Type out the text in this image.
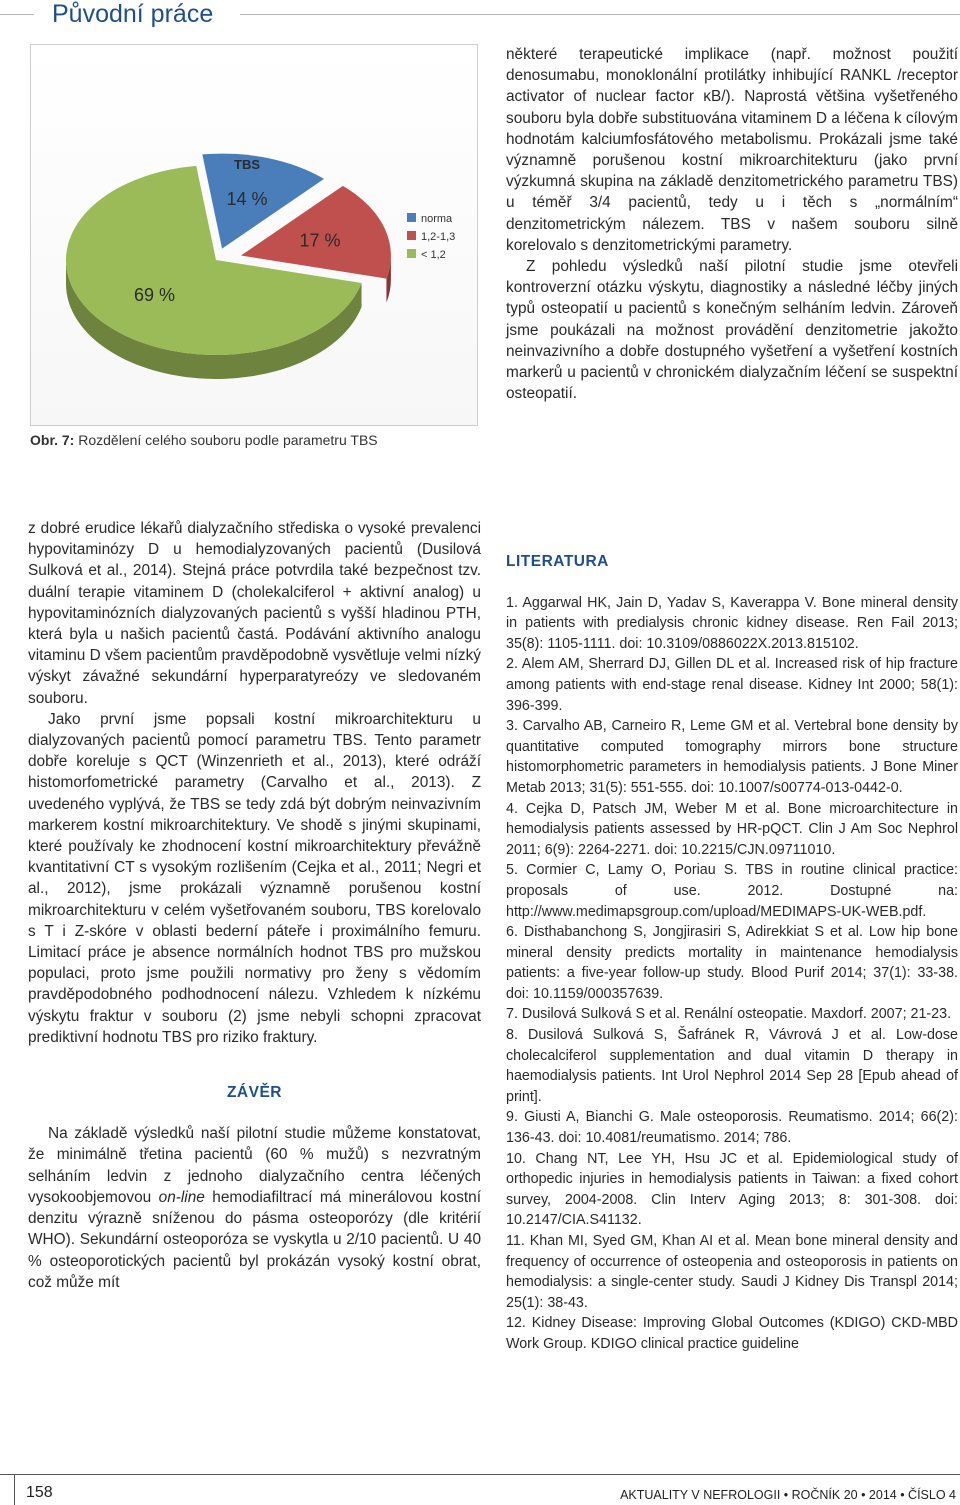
Původní práce
14 %
TBS
17 %
69 %
norma
1,2-1,3
< 1,2
Obr. 7: Rozdělení celého souboru podle parametru TBS

některé terapeutické implikace (např. možnost použití denosumabu, monoklonální protilátky inhibující RANKL /receptor activator of nuclear factor κB/). Naprostá většina vyšetřeného souboru byla dobře substituována vitaminem D a léčena k cílovým hodnotám kalciumfosfátového metabolismu. Prokázali jsme také významně porušenou kostní mikroarchitekturu (jako první výzkumná skupina na základě denzitometrického parametru TBS) u téměř 3/4 pacientů, tedy u i těch s „normálním“ denzitometrickým nálezem. TBS v našem souboru silně korelovalo s denzitometrickými parametry.

Z pohledu výsledků naší pilotní studie jsme otevřeli kontroverzní otázku výskytu, diagnostiky a následné léčby jiných typů osteopatií u pacientů s konečným selháním ledvin. Zároveň jsme poukázali na možnost provádění denzitometrie jakožto neinvazivního a dobře dostupného vyšetření a vyšetření kostních markerů u pacientů v chronickém dialyzačním léčení se suspektní osteopatií.

z dobré erudice lékařů dialyzačního střediska o vysoké prevalenci hypovitaminózy D u hemodialyzovaných pacientů (Dusilová Sulková et al., 2014). Stejná práce potvrdila také bezpečnost tzv. duální terapie vitaminem D (cholekalciferol + aktivní analog) u hypovitaminózních dialyzovaných pacientů s vyšší hladinou PTH, která byla u našich pacientů častá. Podávání aktivního analogu vitaminu D všem pacientům pravděpodobně vysvětluje velmi nízký výskyt závažné sekundární hyperparatyreózy ve sledovaném souboru.

Jako první jsme popsali kostní mikroarchitekturu u dialyzovaných pacientů pomocí parametru TBS. Tento parametr dobře koreluje s QCT (Winzenrieth et al., 2013), které odráží histomorfometrické parametry (Carvalho et al., 2013). Z uvedeného vyplývá, že TBS se tedy zdá být dobrým neinvazivním markerem kostní mikroarchitektury. Ve shodě s jinými skupinami, které používaly ke zhodnocení kostní mikroarchitektury převážně kvantitativní CT s vysokým rozlišením (Cejka et al., 2011; Negri et al., 2012), jsme prokázali významně porušenou kostní mikroarchitekturu v celém vyšetřovaném souboru, TBS korelovalo s T i Z-skóre v oblasti bederní páteře i proximálního femuru. Limitací práce je absence normálních hodnot TBS pro mužskou populaci, proto jsme použili normativy pro ženy s vědomím pravděpodobného podhodnocení nálezu. Vzhledem k nízkému výskytu fraktur v souboru (2) jsme nebyli schopni zpracovat prediktivní hodnotu TBS pro riziko fraktury.

ZÁVĚR

Na základě výsledků naší pilotní studie můžeme konstatovat, že minimálně třetina pacientů (60 % mužů) s nezvratným selháním ledvin z jednoho dialyzačního centra léčených vysokoobjemovou on-line hemodiafiltrací má minerálovou kostní denzitu výrazně sníženou do pásma osteoporózy (dle kritérií WHO). Sekundární osteoporóza se vyskytla u 2/10 pacientů. U 40 % osteoporotických pacientů byl prokázán vysoký kostní obrat, což může mít

LITERATURA

1. Aggarwal HK, Jain D, Yadav S, Kaverappa V. Bone mineral density in patients with predialysis chronic kidney disease. Ren Fail 2013; 35(8): 1105-1111. doi: 10.3109/0886022X.2013.815102.

2. Alem AM, Sherrard DJ, Gillen DL et al. Increased risk of hip fracture among patients with end-stage renal disease. Kidney Int 2000; 58(1): 396-399.

3. Carvalho AB, Carneiro R, Leme GM et al. Vertebral bone density by quantitative computed tomography mirrors bone structure histomorphometric parameters in hemodialysis patients. J Bone Miner Metab 2013; 31(5): 551-555. doi: 10.1007/s00774-013-0442-0.

4. Cejka D, Patsch JM, Weber M et al. Bone microarchitecture in hemodialysis patients assessed by HR-pQCT. Clin J Am Soc Nephrol 2011; 6(9): 2264-2271. doi: 10.2215/CJN.09711010.

5. Cormier C, Lamy O, Poriau S. TBS in routine clinical practice: proposals of use. 2012. Dostupné na: http://www.medimapsgroup.com/upload/MEDIMAPS-UK-WEB.pdf.

6. Disthabanchong S, Jongjirasiri S, Adirekkiat S et al. Low hip bone mineral density predicts mortality in maintenance hemodialysis patients: a five-year follow-up study. Blood Purif 2014; 37(1): 33-38. doi: 10.1159/000357639.

7. Dusilová Sulková S et al. Renální osteopatie. Maxdorf. 2007; 21-23.

8. Dusilová Sulková S, Šafránek R, Vávrová J et al. Low-dose cholecalciferol supplementation and dual vitamin D therapy in haemodialysis patients. Int Urol Nephrol 2014 Sep 28 [Epub ahead of print].

9. Giusti A, Bianchi G. Male osteoporosis. Reumatismo. 2014; 66(2): 136-43. doi: 10.4081/reumatismo. 2014; 786.

10. Chang NT, Lee YH, Hsu JC et al. Epidemiological study of orthopedic injuries in hemodialysis patients in Taiwan: a fixed cohort survey, 2004-2008. Clin Interv Aging 2013; 8: 301-308. doi: 10.2147/CIA.S41132.

11. Khan MI, Syed GM, Khan AI et al. Mean bone mineral density and frequency of occurrence of osteopenia and osteoporosis in patients on hemodialysis: a single-center study. Saudi J Kidney Dis Transpl 2014; 25(1): 38-43.

12. Kidney Disease: Improving Global Outcomes (KDIGO) CKD-MBD Work Group. KDIGO clinical practice guideline

158	AKTUALITY V NEFROLOGII • ROČNÍK 20 • 2014 • ČÍSLO 4
